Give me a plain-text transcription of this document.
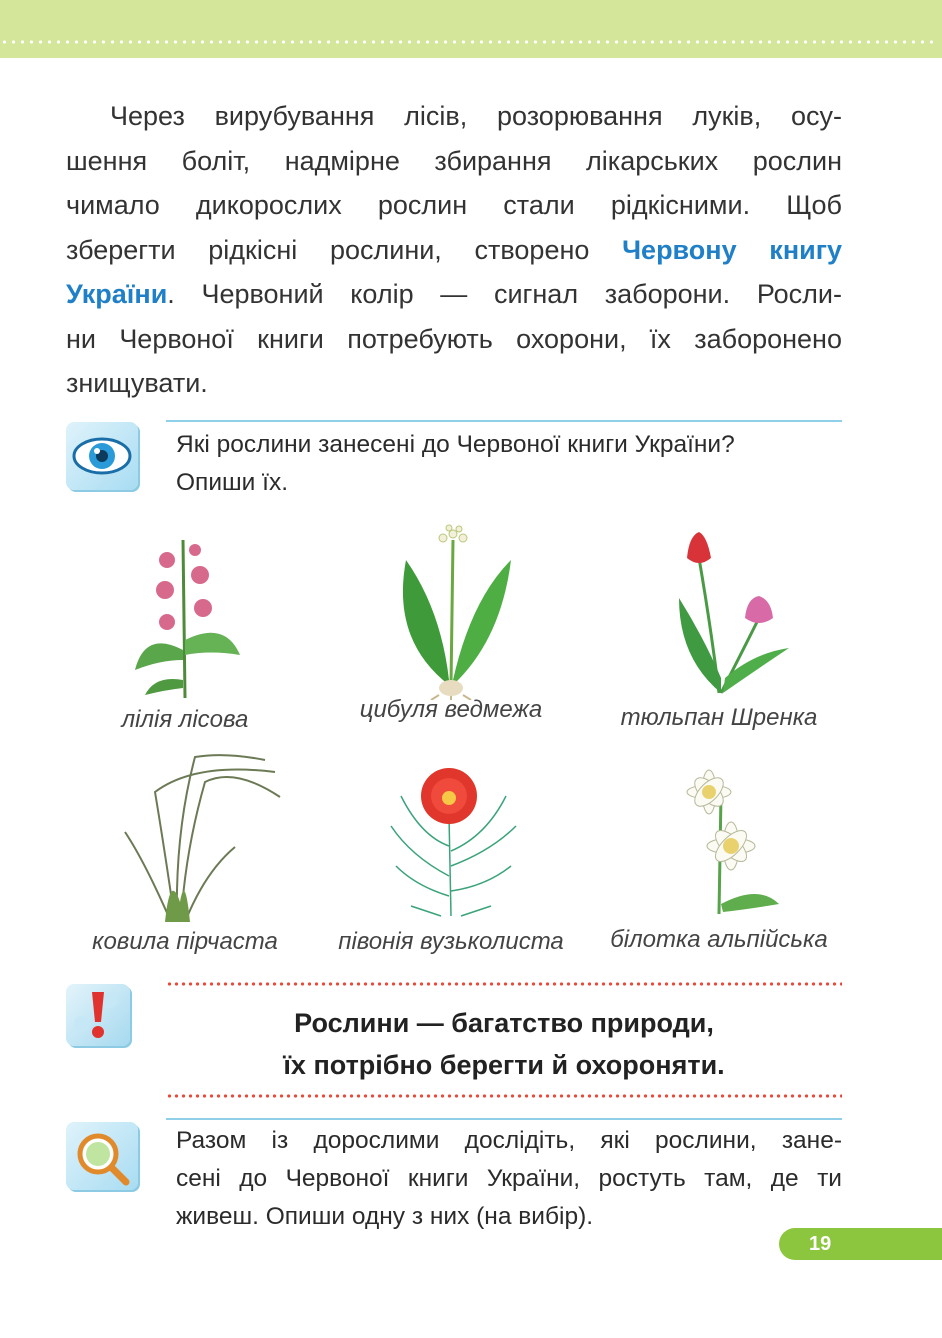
Через вирубування лісів, розорювання луків, осу-
шення боліт, надмірне збирання лікарських рослин
чимало дикорослих рослин стали рідкісними. Щоб
зберегти рідкісні рослини, створено Червону книгу
України. Червоний колір — сигнал заборони. Росли-
ни Червоної книги потребують охорони, їх заборонено
знищувати.
Які рослини занесені до Червоної книги України?
Опиши їх.
лілія лісова	цибуля ведмежа	тюльпан Шренка
ковила пірчаста	півонія вузьколиста	білотка альпійська
Рослини — багатство природи,
їх потрібно берегти й охороняти.
Разом із дорослими дослідіть, які рослини, зане-
сені до Червоної книги України, ростуть там, де ти
живеш. Опиши одну з них (на вибір).
19
